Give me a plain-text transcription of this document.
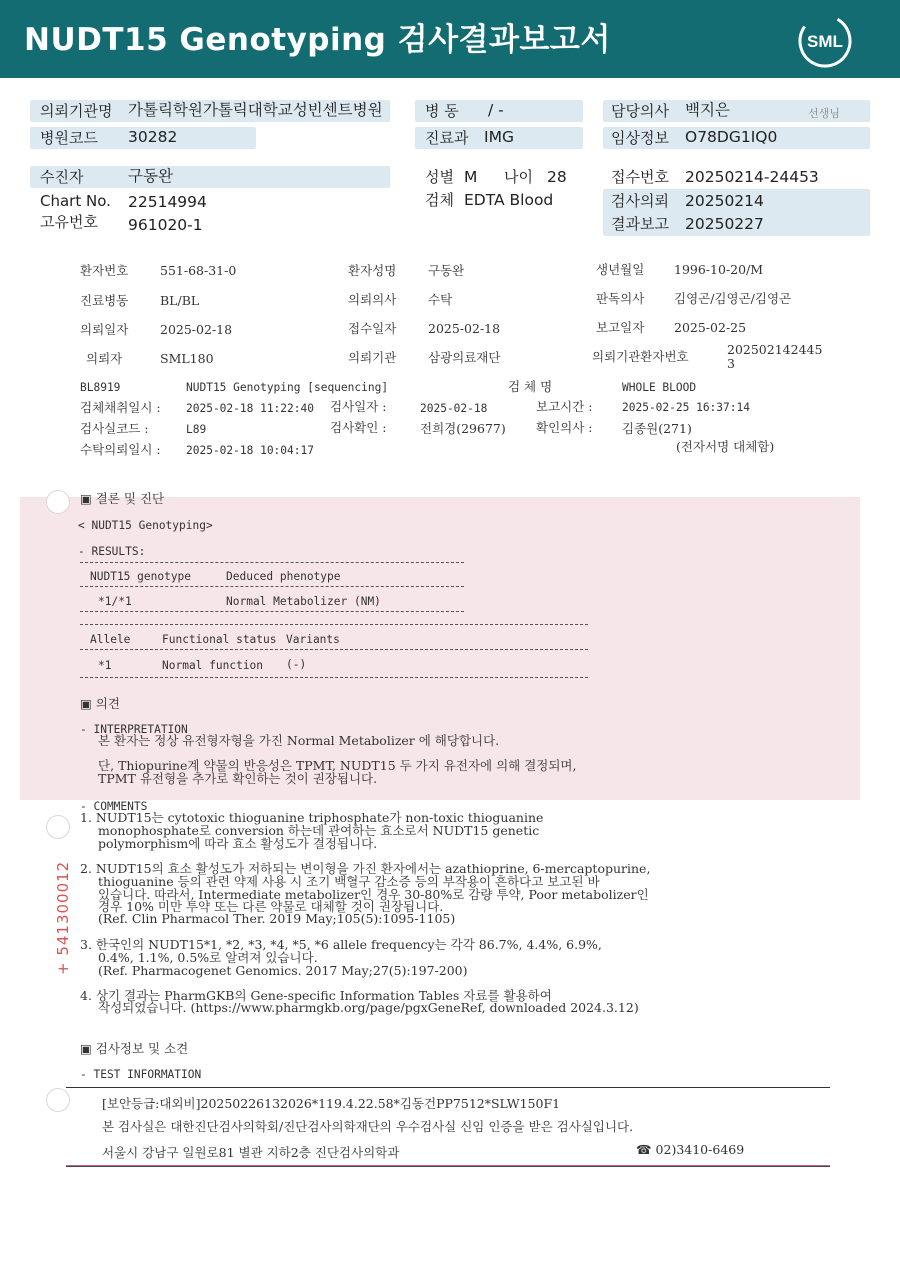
NUDT15 Genotyping 검사결과보고서	SML
의뢰기관명 가톨릭학원가톨릭대학교성빈센트병원
병원코드 30282
병 동 / -
진료과 IMG
담당의사 백지은	선생님
임상정보 O78DG1IQ0
수진자	구동완
Chart No. 22514994
고유번호 961020-1
성별 M 나이 28
검체 EDTA Blood
접수번호 20250214-24453
검사의뢰 20250214
결과보고 20250227
+ 541300012
환자번호	551-68-31-0	환자성명	구동완	생년월일 1996-10-20/M
진료병동	BL/BL	의뢰의사	수탁	판독의사 김영곤/김영곤/김영곤
의뢰일자	2025-02-18	접수일자	2025-02-18	보고일자 2025-02-25
의뢰자	SML180	의뢰기관	삼광의료재단	의뢰기관환자번호	202502142445
3
BL8919	NUDT15 Genotyping [sequencing]	검 체 명	WHOLE BLOOD
검체채취일시 : 2025-02-18 11:22:40 검사일자 :	2025-02-18	보고시간 :	2025-02-25 16:37:14
검사실코드 :	L89	검사확인 :	전희경(29677) 확인의사 : 김종원(271)
수탁의뢰일시 : 2025-02-18 10:04:17	(전자서명 대체함)
▣ 결론 및 진단
< NUDT15 Genotyping>
- RESULTS:
NUDT15 genotype	Deduced phenotype
*1/*1	Normal Metabolizer (NM)
Allele	Functional status Variants
*1	Normal function (-)
▣ 의견
- INTERPRETATION
본 환자는 정상 유전형자형을 가진 Normal Metabolizer 에 해당합니다.
단, Thiopurine계 약물의 반응성은 TPMT, NUDT15 두 가지 유전자에 의해 결정되며,
TPMT 유전형을 추가로 확인하는 것이 권장됩니다.
- COMMENTS
1. NUDT15는 cytotoxic thioguanine triphosphate가 non-toxic thioguanine
monophosphate로 conversion 하는데 관여하는 효소로서 NUDT15 genetic
polymorphism에 따라 효소 활성도가 결정됩니다.
2. NUDT15의 효소 활성도가 저하되는 변이형을 가진 환자에서는 azathioprine, 6-mercaptopurine,
thioguanine 등의 관련 약제 사용 시 조기 백혈구 감소증 등의 부작용이 흔하다고 보고된 바
있습니다. 따라서, Intermediate metabolizer인 경우 30-80%로 감량 투약, Poor metabolizer인
경우 10% 미만 투약 또는 다른 약물로 대체할 것이 권장됩니다.
(Ref. Clin Pharmacol Ther. 2019 May;105(5):1095-1105)
3. 한국인의 NUDT15*1, *2, *3, *4, *5, *6 allele frequency는 각각 86.7%, 4.4%, 6.9%,
0.4%, 1.1%, 0.5%로 알려져 있습니다.
(Ref. Pharmacogenet Genomics. 2017 May;27(5):197-200)
4. 상기 결과는 PharmGKB의 Gene-specific Information Tables 자료를 활용하여
작성되었습니다. (https://www.pharmgkb.org/page/pgxGeneRef, downloaded 2024.3.12)
▣ 검사정보 및 소견
- TEST INFORMATION
[보안등급:대외비]20250226132026*119.4.22.58*김동건PP7512*SLW150F1
본 검사실은 대한진단검사의학회/진단검사의학재단의 우수검사실 신임 인증을 받은 검사실입니다.
서울시 강남구 일원로81 별관 지하2층 진단검사의학과	☎ 02)3410-6469
